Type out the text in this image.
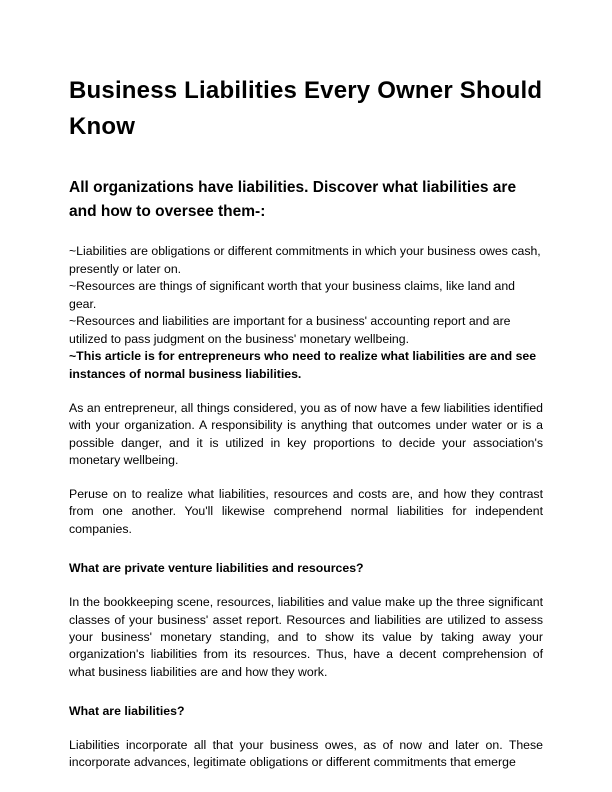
Business Liabilities Every Owner Should Know
All organizations have liabilities. Discover what liabilities are and how to oversee them-:

~Liabilities are obligations or different commitments in which your business owes cash, presently or later on.

~Resources are things of significant worth that your business claims, like land and gear.

~Resources and liabilities are important for a business' accounting report and are utilized to pass judgment on the business' monetary wellbeing.

~This article is for entrepreneurs who need to realize what liabilities are and see instances of normal business liabilities.

As an entrepreneur, all things considered, you as of now have a few liabilities identified with your organization. A responsibility is anything that outcomes under water or is a possible danger, and it is utilized in key proportions to decide your association's monetary wellbeing.

Peruse on to realize what liabilities, resources and costs are, and how they contrast from one another. You'll likewise comprehend normal liabilities for independent companies.

What are private venture liabilities and resources?

In the bookkeeping scene, resources, liabilities and value make up the three significant classes of your business' asset report. Resources and liabilities are utilized to assess your business' monetary standing, and to show its value by taking away your organization's liabilities from its resources. Thus, have a decent comprehension of what business liabilities are and how they work.

What are liabilities?

Liabilities incorporate all that your business owes, as of now and later on. These incorporate advances, legitimate obligations or different commitments that emerge
